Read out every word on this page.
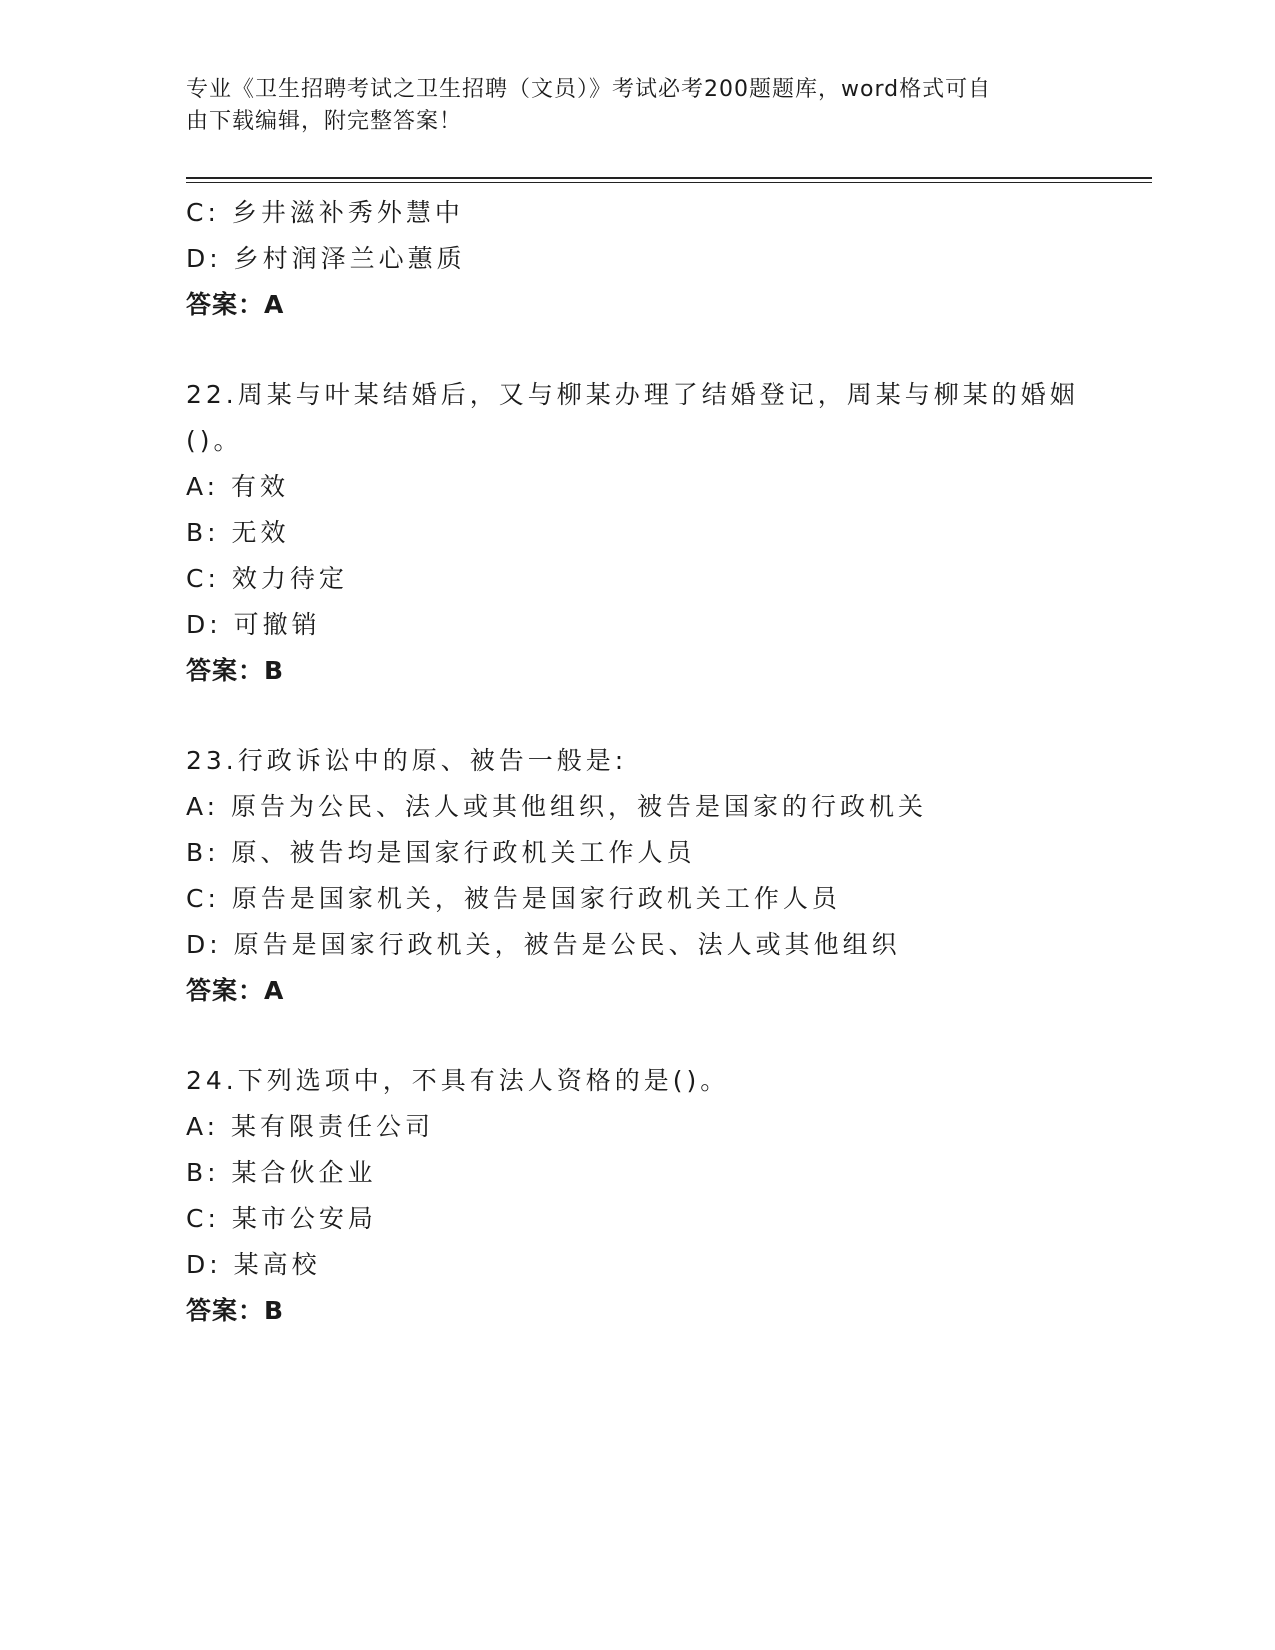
专业《卫生招聘考试之卫生招聘（文员）》考试必考200题题库，word格式可自
由下载编辑，附完整答案！
C: 乡井滋补秀外慧中
D: 乡村润泽兰心蕙质
答案：A
22.周某与叶某结婚后，又与柳某办理了结婚登记，周某与柳某的婚姻
()。
A: 有效
B: 无效
C: 效力待定
D: 可撤销
答案：B
23.行政诉讼中的原、被告一般是:
A: 原告为公民、法人或其他组织，被告是国家的行政机关
B: 原、被告均是国家行政机关工作人员
C: 原告是国家机关，被告是国家行政机关工作人员
D: 原告是国家行政机关，被告是公民、法人或其他组织
答案：A
24.下列选项中，不具有法人资格的是()。
A: 某有限责任公司
B: 某合伙企业
C: 某市公安局
D: 某高校
答案：B
